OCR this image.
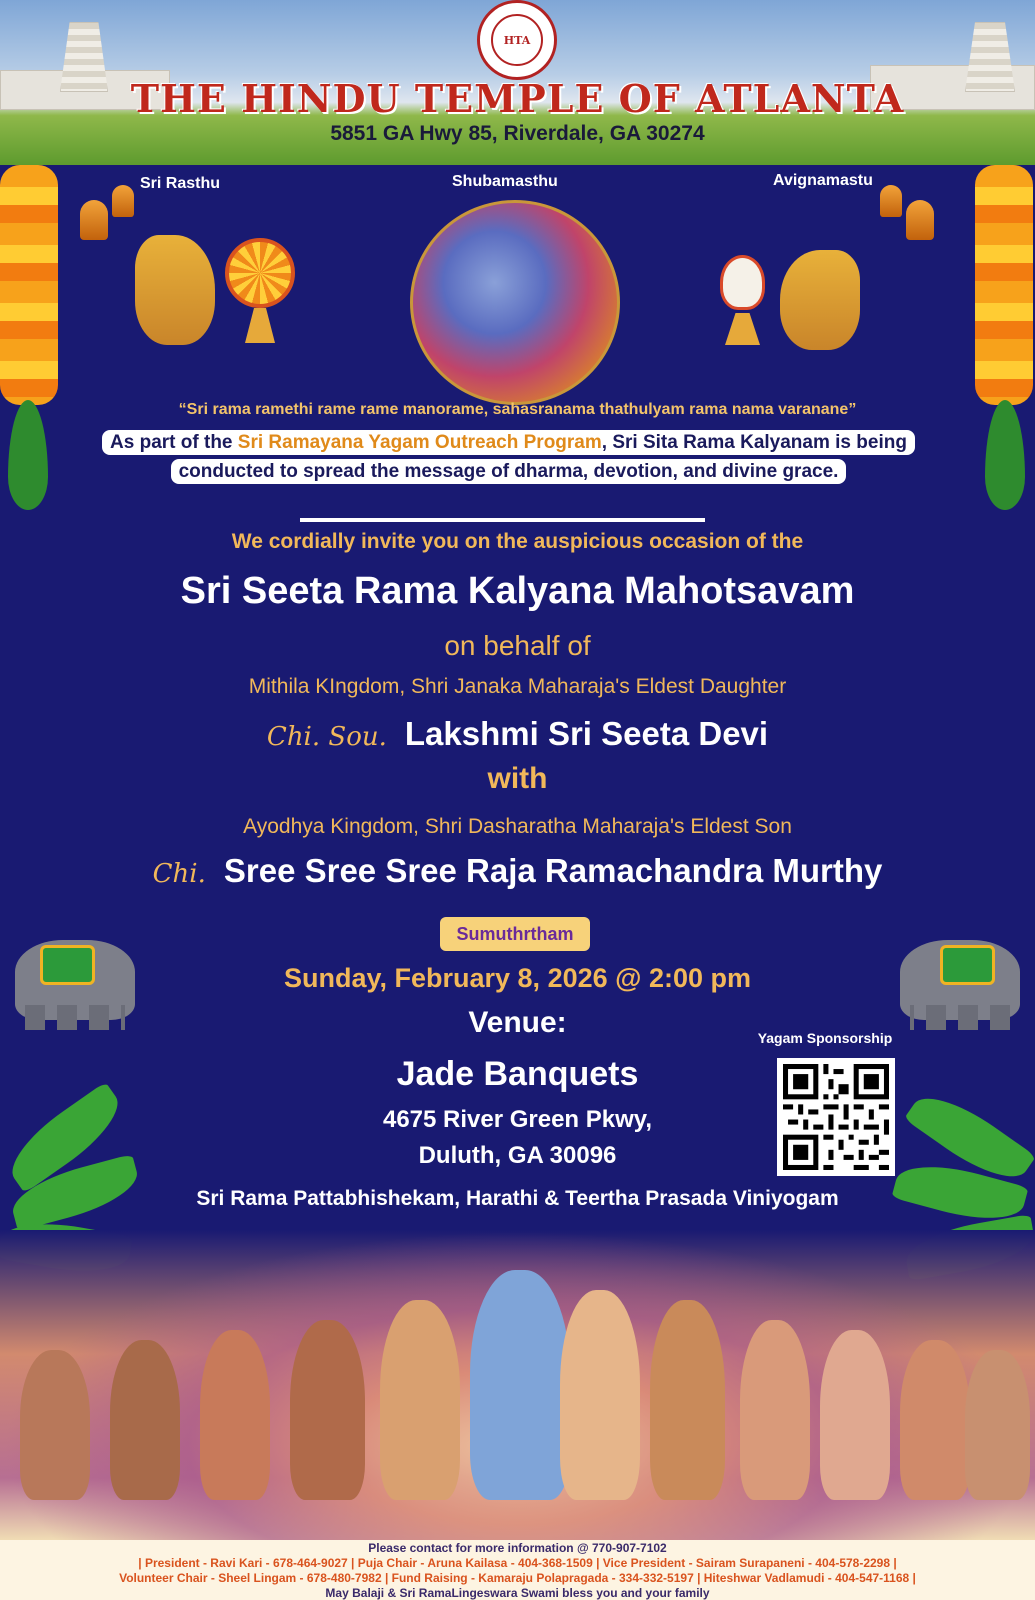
HTA
THE HINDU TEMPLE OF ATLANTA
5851 GA Hwy 85, Riverdale, GA 30274
Sri Rasthu	Shubamasthu	Avignamastu
“Sri rama ramethi rame rame manorame, sahasranama thathulyam rama nama varanane”
As part of the Sri Ramayana Yagam Outreach Program, Sri Sita Rama Kalyanam is being
conducted to spread the message of dharma, devotion, and divine grace.
We cordially invite you on the auspicious occasion of the
Sri Seeta Rama Kalyana Mahotsavam
on behalf of
Mithila KIngdom, Shri Janaka Maharaja's Eldest Daughter
Chi. Sou. Lakshmi Sri Seeta Devi
with
Ayodhya Kingdom, Shri Dasharatha Maharaja's Eldest Son
Chi. Sree Sree Sree Raja Ramachandra Murthy
Sumuthrtham
Sunday, February 8, 2026 @ 2:00 pm
Venue:
Jade Banquets
4675 River Green Pkwy,
Duluth, GA 30096
Yagam Sponsorship
Sri Rama Pattabhishekam, Harathi & Teertha Prasada Viniyogam
Please contact for more information @ 770-907-7102
| President - Ravi Kari - 678-464-9027 | Puja Chair - Aruna Kailasa - 404-368-1509 | Vice President - Sairam Surapaneni - 404-578-2298 |
Volunteer Chair - Sheel Lingam - 678-480-7982 | Fund Raising - Kamaraju Polapragada - 334-332-5197 | Hiteshwar Vadlamudi - 404-547-1168 |
May Balaji & Sri RamaLingeswara Swami bless you and your family
